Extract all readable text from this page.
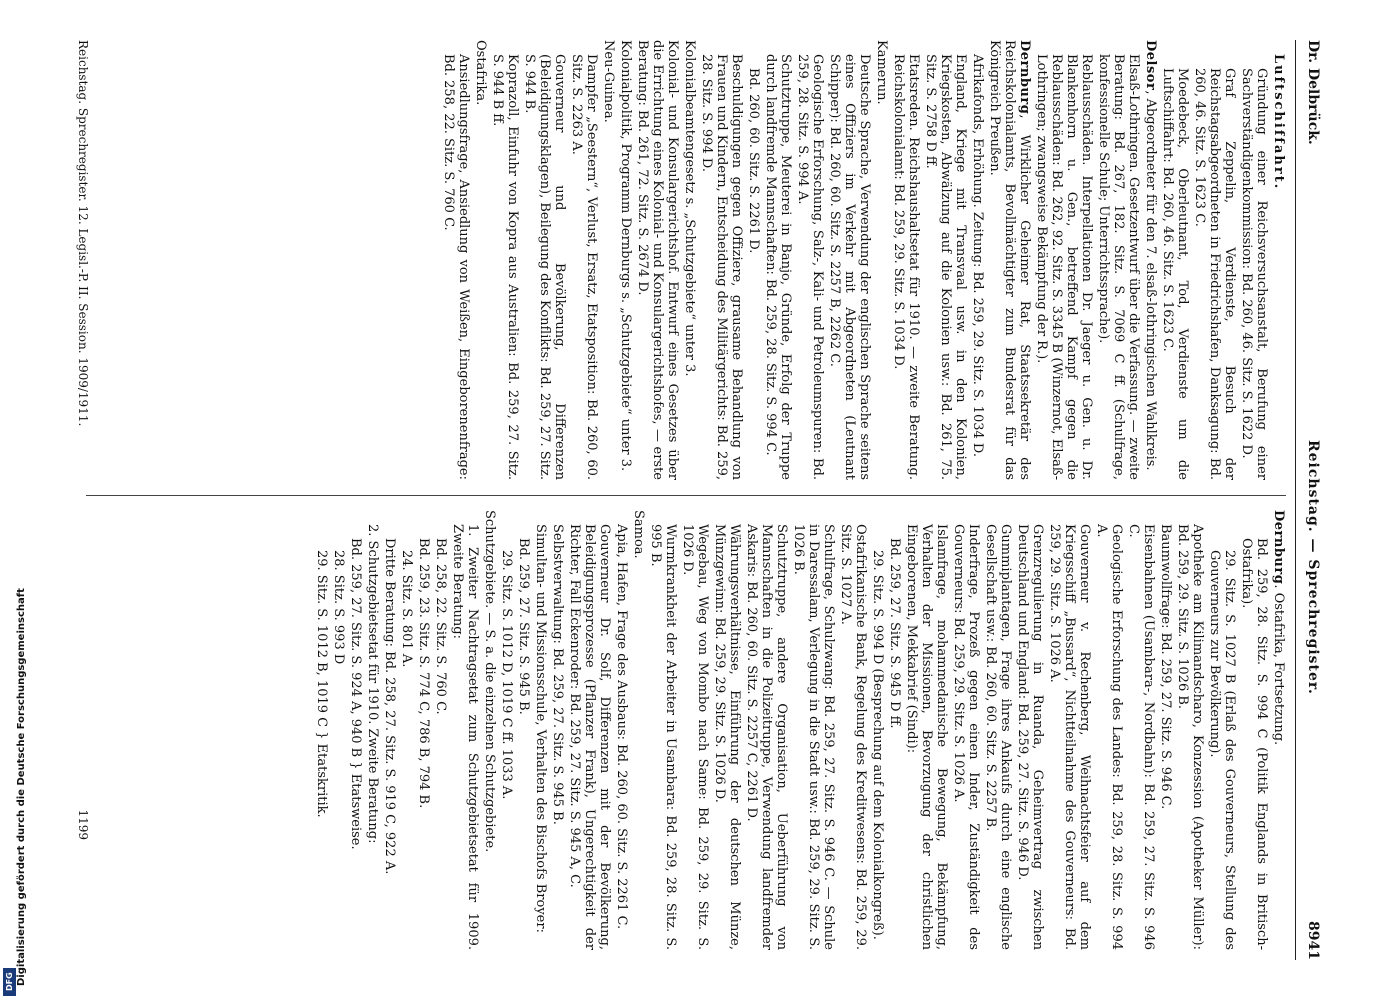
Dr. Delbrück.
Reichstag. — Sprechregister.
8941

Luftschiffahrt.

Gründung einer Reichsversuchsanstalt, Berufung einer Sachverständigenkommission: Bd. 260, 46. Sitz. S. 1622 D.

Graf Zeppelin, Verdienste, Besuch der Reichstagsabgeordneten in Friedrichshafen, Danksagung: Bd. 260, 46. Sitz. S. 1623 C.

Moedebeck, Oberleutnant, Tod, Verdienste um die Luftschiffahrt: Bd. 260, 46. Sitz. S. 1623 C.

Delsor, Abgeordneter für den 7. elsaß-lothringischen Wahlkreis.

Elsaß-Lothringen. Gesetzentwurf über die Verfassung. — zweite Beratung: Bd. 267, 182. Sitz. S. 7069 C ff. (Schulfrage, konfessionelle Schule; Unterrichtssprache).

Reblausschäden. Interpellationen Dr. Jaeger u. Gen. u. Dr. Blankenhorn u. Gen., betreffend Kampf gegen die Reblausschäden: Bd. 262, 92. Sitz. S. 3345 B (Winzernot, Elsaß-Lothringen; zwangsweise Bekämpfung der R.).

Dernburg, Wirklicher Geheimer Rat, Staatssekretär des Reichskolonialamts, Bevollmächtigter zum Bundesrat für das Königreich Preußen.

Afrikafonds, Erhöhung. Zeitung: Bd. 259, 29. Sitz. S. 1034 D.

England, Kriege mit Transvaal usw. in den Kolonien, Kriegskosten, Abwälzung auf die Kolonien usw.: Bd. 261, 75. Sitz. S. 2758 D ff.

Etatsreden. Reichshaushaltsetat für 1910. — zweite Beratung. Reichskolonialamt: Bd. 259, 29. Sitz. S. 1034 D.

Kamerun.

Deutsche Sprache, Verwendung der englischen Sprache seitens eines Offiziers im Verkehr mit Abgeordneten (Leutnant Schipper): Bd. 260, 60. Sitz. S. 2257 B, 2262 C.

Geologische Erforschung, Salz-, Kali- und Petroleumspuren: Bd. 259, 28. Sitz. S. 994 A.

Schutztruppe, Meuterei in Banjo, Gründe, Erfolg der Truppe durch landfremde Mannschaften: Bd. 259, 28. Sitz. S. 994 C.

Bd. 260, 60. Sitz. S. 2261 D.

Beschuldigungen gegen Offiziere, grausame Behandlung von Frauen und Kindern, Entscheidung des Militärgerichts: Bd. 259, 28. Sitz. S. 994 D.

Kolonialbeamtengesetz s. „Schutzgebiete“ unter 3.

Kolonial- und Konsulargerichtshof. Entwurf eines Gesetzes über die Errichtung eines Kolonial- und Konsulargerichtshofes, — erste Beratung: Bd. 261, 72. Sitz. S. 2674 D.

Kolonialpolitik, Programm Dernburgs s. „Schutzgebiete“ unter 3.

Neu-Guinea.

Dampfer „Seestern“, Verlust, Ersatz, Etatsposition: Bd. 260, 60. Sitz. S. 2263 A.

Gouverneur und Bevölkerung, Differenzen (Beleidigungsklagen), Beilegung des Konflikts: Bd. 259, 27. Sitz. S. 944 B.

Koprazoll, Einfuhr von Kopra aus Australien: Bd. 259, 27. Sitz. S. 944 B ff.

Ostafrika.

Ansiedlungsfrage, Ansiedlung von Weißen, Eingeborenenfrage: Bd. 258, 22. Sitz. S. 760 C.

Dernburg. Ostafrika, Fortsetzung.

Bd. 259, 28. Sitz. S. 994 C (Politik Englands in Britisch-Ostafrika).

29. Sitz. S. 1027 B (Erlaß des Gouverneurs, Stellung des Gouverneurs zur Bevölkerung).

Apotheke am Kilimandscharo, Konzession (Apotheker Müller): Bd. 259, 29. Sitz. S. 1026 B.

Baumwollfrage: Bd. 259, 27. Sitz. S. 946 C.

Eisenbahnen (Usambara-, Nordbahn): Bd. 259, 27. Sitz. S. 946 C.

Geologische Erforschung des Landes: Bd. 259, 28. Sitz. S. 994 A.

Gouverneur v. Rechenberg, Weihnachtsfeier auf dem Kriegsschiff „Bussard“, Nichtteilnahme des Gouverneurs: Bd. 259, 29. Sitz. S. 1026 A.

Grenzregulierung in Ruanda, Geheimvertrag zwischen Deutschland und England: Bd. 259, 27. Sitz. S. 946 D.

Gummiplantagen, Frage ihres Ankaufs durch eine englische Gesellschaft usw.: Bd. 260, 60. Sitz. S. 2257 B.

Inderfrage, Prozeß gegen einen Inder, Zuständigkeit des Gouverneurs: Bd. 259, 29. Sitz. S. 1026 A.

Islamfrage, mohammedanische Bewegung, Bekämpfung, Verhalten der Missionen, Bevorzugung der christlichen Eingeborenen, Mekkabrief (Sindi):

Bd. 259, 27. Sitz. S. 945 D ff.

29. Sitz. S. 994 D (Besprechung auf dem Kolonialkongreß).

Ostafrikanische Bank, Regelung des Kreditwesens: Bd. 259, 29. Sitz. S. 1027 A.

Schulfrage, Schulzwang: Bd. 259, 27. Sitz. S. 946 C. — Schule in Daressalam, Verlegung in die Stadt usw.: Bd. 259, 29. Sitz. S. 1026 B.

Schutztruppe, andere Organisation, Ueberführung von Mannschaften in die Polizeitruppe, Verwendung landfremder Askaris: Bd. 260, 60. Sitz. S. 2257 C, 2261 D.

Währungsverhältnisse, Einführung der deutschen Münze, Münzgewinn: Bd. 259, 29. Sitz. S. 1026 D.

Wegebau, Weg von Mombo nach Same: Bd. 259, 29. Sitz. S. 1026 D.

Wurmkrankheit der Arbeiter in Usambara: Bd. 259, 28. Sitz. S. 995 B.

Samoa.

Apia, Hafen, Frage des Ausbaus: Bd. 260, 60. Sitz. S. 2261 C.

Gouverneur Dr. Solf, Differenzen mit der Bevölkerung, Beleidigungsprozesse (Pflanzer Frank), Ungerechtigkeit der Richter, Fall Eckenroder: Bd. 259, 27. Sitz. S. 945 A, C.

Selbstverwaltung: Bd. 259, 27. Sitz. S. 945 B.

Simultan- und Missionsschule, Verhalten des Bischofs Broyer:

Bd. 259, 27. Sitz. S. 945 B.

29. Sitz. S. 1012 D, 1019 C ff. 1033 A.

Schutzgebiete. — S. a. die einzelnen Schutzgebiete.

1. Zweiter Nachtragsetat zum Schutzgebietsetat für 1909. Zweite Beratung:

Bd. 258, 22. Sitz. S. 760 C.

Bd. 259, 23. Sitz. S. 774 C, 786 B, 794 B.

24. Sitz. S. 801 A.

Dritte Beratung: Bd. 258, 27. Sitz. S. 919 C, 922 A.

2. Schutzgebietsetat für 1910. Zweite Beratung:

Bd. 259, 27. Sitz. S. 924 A, 940 B } Etatsweise.

28. Sitz. S. 993 D

29. Sitz. S. 1012 B, 1019 C } Etatskritik.

Reichstag. Sprechregister. 12. Legisl.-P. II. Session. 1909/1911.
1199
Digitalisierung gefördert durch die Deutsche Forschungsgemeinschaft
DFG
